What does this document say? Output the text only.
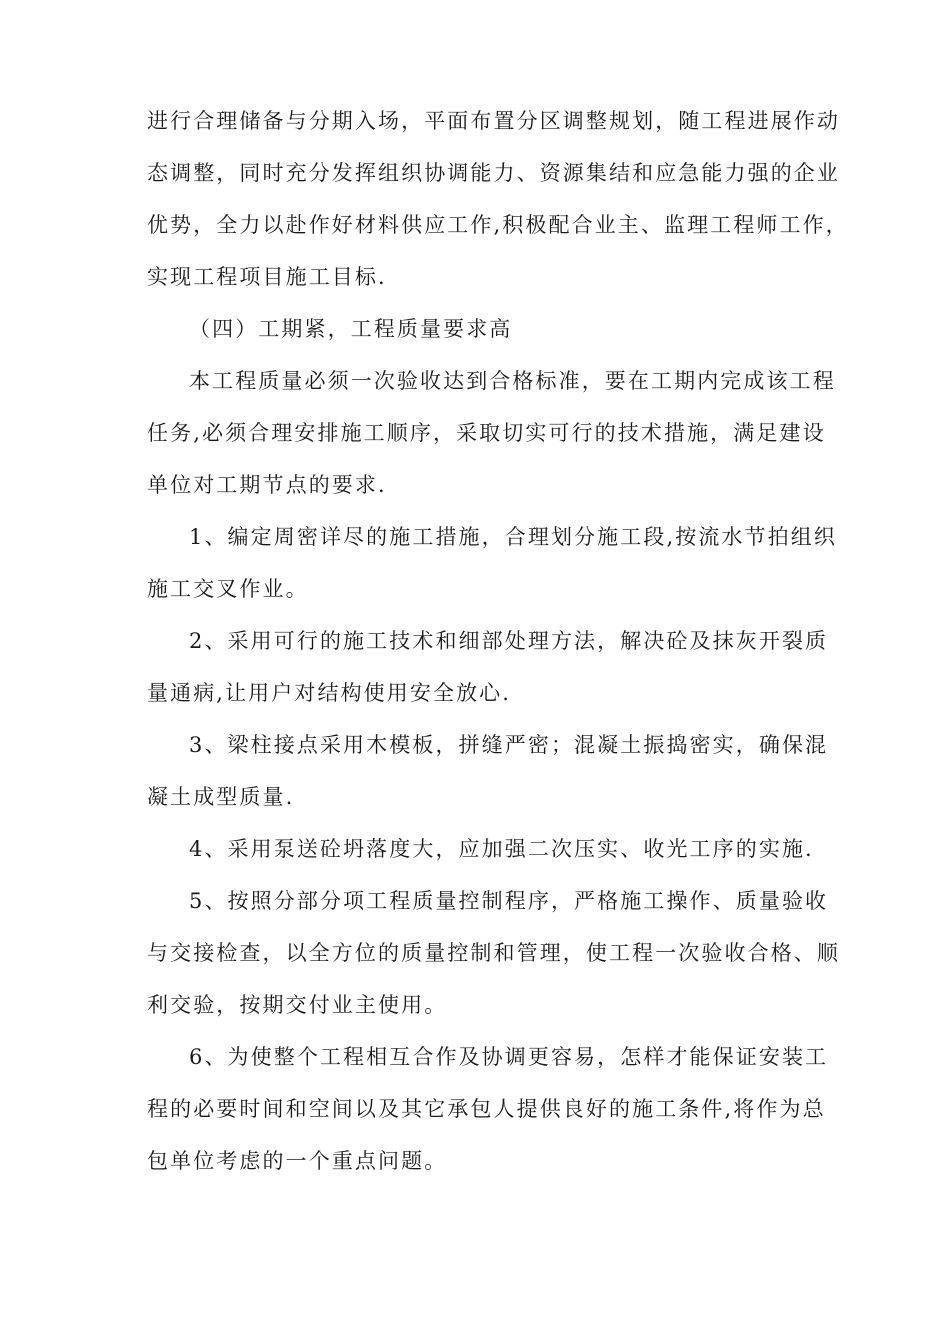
进行合理储备与分期入场，平面布置分区调整规划，随工程进展作动
态调整，同时充分发挥组织协调能力、资源集结和应急能力强的企业
优势，全力以赴作好材料供应工作,积极配合业主、监理工程师工作，
实现工程项目施工目标.
（四）工期紧，工程质量要求高
本工程质量必须一次验收达到合格标准，要在工期内完成该工程
任务,必须合理安排施工顺序，采取切实可行的技术措施，满足建设
单位对工期节点的要求.
1、编定周密详尽的施工措施，合理划分施工段,按流水节拍组织
施工交叉作业。
2、采用可行的施工技术和细部处理方法，解决砼及抹灰开裂质
量通病,让用户对结构使用安全放心.
3、梁柱接点采用木模板，拼缝严密；混凝土振捣密实，确保混
凝土成型质量.
4、采用泵送砼坍落度大，应加强二次压实、收光工序的实施.
5、按照分部分项工程质量控制程序，严格施工操作、质量验收
与交接检查，以全方位的质量控制和管理，使工程一次验收合格、顺
利交验，按期交付业主使用。
6、为使整个工程相互合作及协调更容易，怎样才能保证安装工
程的必要时间和空间以及其它承包人提供良好的施工条件,将作为总
包单位考虑的一个重点问题。
